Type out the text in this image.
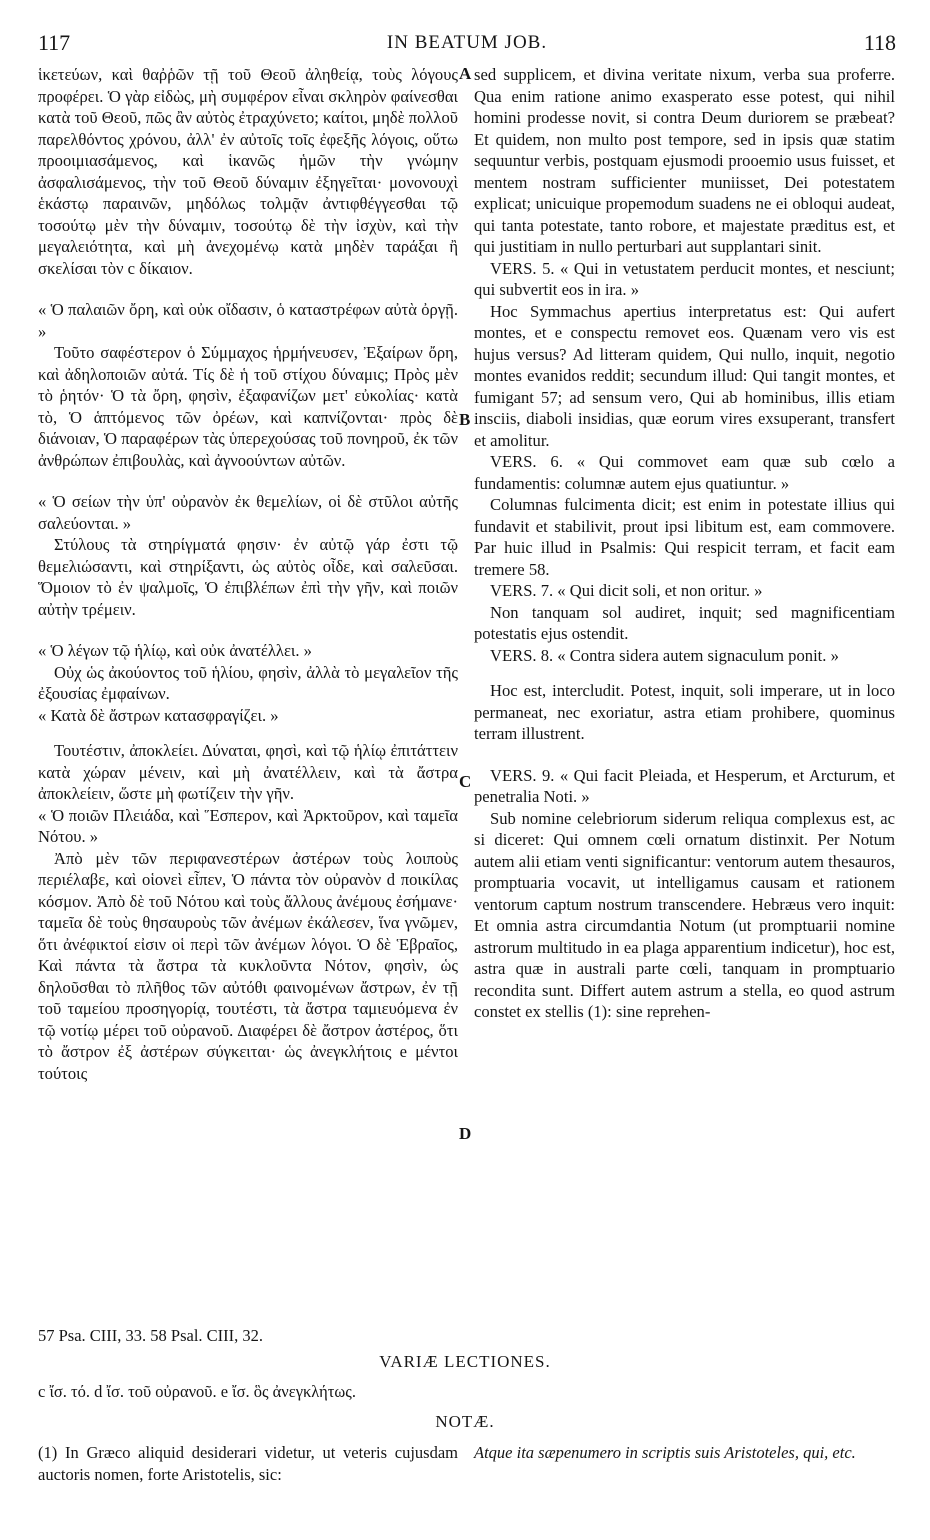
117	IN BEATUM JOB.	118

ἱκετεύων, καὶ θαῤῥῶν τῇ τοῦ Θεοῦ ἀληθείᾳ, τοὺς λόγους προφέρει. Ὁ γὰρ εἰδὼς, μὴ συμφέρον εἶναι σκληρὸν φαίνεσθαι κατὰ τοῦ Θεοῦ, πῶς ἂν αὐτὸς ἐτραχύνετο; καίτοι, μηδὲ πολλοῦ παρελθόντος χρόνου, ἀλλ' ἐν αὐτοῖς τοῖς ἐφεξῆς λόγοις, οὕτω προοιμιασάμενος, καὶ ἱκανῶς ἡμῶν τὴν γνώμην ἀσφαλισάμενος, τὴν τοῦ Θεοῦ δύναμιν ἐξηγεῖται· μονονουχὶ ἑκάστῳ παραινῶν, μηδόλως τολμᾷν ἀντιφθέγγεσθαι τῷ τοσούτῳ μὲν τὴν δύναμιν, τοσούτῳ δὲ τὴν ἰσχὺν, καὶ τὴν μεγαλειότητα, καὶ μὴ ἀνεχομένῳ κατὰ μηδὲν ταράξαι ἢ σκελίσαι τὸν c δίκαιον.

« Ὁ παλαιῶν ὄρη, καὶ οὐκ οἴδασιν, ὁ καταστρέφων αὐτὰ ὀργῇ. »

Τοῦτο σαφέστερον ὁ Σύμμαχος ἡρμήνευσεν, Ἐξαίρων ὄρη, καὶ ἀδηλοποιῶν αὐτά. Τίς δὲ ἡ τοῦ στίχου δύναμις; Πρὸς μὲν τὸ ῥητόν· Ὁ τὰ ὄρη, φησὶν, ἐξαφανίζων μετ' εὐκολίας· κατὰ τὸ, Ὁ ἁπτόμενος τῶν ὀρέων, καὶ καπνίζονται· πρὸς δὲ διάνοιαν, Ὁ παραφέρων τὰς ὑπερεχούσας τοῦ πονηροῦ, ἐκ τῶν ἀνθρώπων ἐπιβουλὰς, καὶ ἀγνοούντων αὐτῶν.

« Ὁ σείων τὴν ὑπ' οὐρανὸν ἐκ θεμελίων, οἱ δὲ στῦλοι αὐτῆς σαλεύονται. »

Στύλους τὰ στηρίγματά φησιν· ἐν αὐτῷ γάρ ἐστι τῷ θεμελιώσαντι, καὶ στηρίξαντι, ὡς αὐτὸς οἶδε, καὶ σαλεῦσαι. Ὅμοιον τὸ ἐν ψαλμοῖς, Ὁ ἐπιβλέπων ἐπὶ τὴν γῆν, καὶ ποιῶν αὐτὴν τρέμειν.

« Ὁ λέγων τῷ ἡλίῳ, καὶ οὐκ ἀνατέλλει. »

Οὐχ ὡς ἀκούοντος τοῦ ἡλίου, φησὶν, ἀλλὰ τὸ μεγαλεῖον τῆς ἐξουσίας ἐμφαίνων.

« Κατὰ δὲ ἄστρων κατασφραγίζει. »

Τουτέστιν, ἀποκλείει. Δύναται, φησὶ, καὶ τῷ ἡλίῳ ἐπιτάττειν κατὰ χώραν μένειν, καὶ μὴ ἀνατέλλειν, καὶ τὰ ἄστρα ἀποκλείειν, ὥστε μὴ φωτίζειν τὴν γῆν.

« Ὁ ποιῶν Πλειάδα, καὶ Ἕσπερον, καὶ Ἀρκτοῦρον, καὶ ταμεῖα Νότου. »

Ἀπὸ μὲν τῶν περιφανεστέρων ἀστέρων τοὺς λοιποὺς περιέλαβε, καὶ οἱονεὶ εἶπεν, Ὁ πάντα τὸν οὐρανὸν d ποικίλας κόσμον. Ἀπὸ δὲ τοῦ Νότου καὶ τοὺς ἄλλους ἀνέμους ἐσήμανε· ταμεῖα δὲ τοὺς θησαυροὺς τῶν ἀνέμων ἐκάλεσεν, ἵνα γνῶμεν, ὅτι ἀνέφικτοί εἰσιν οἱ περὶ τῶν ἀνέμων λόγοι. Ὁ δὲ Ἑβραῖος, Καὶ πάντα τὰ ἄστρα τὰ κυκλοῦντα Νότον, φησὶν, ὡς δηλοῦσθαι τὸ πλῆθος τῶν αὐτόθι φαινομένων ἄστρων, ἐν τῇ τοῦ ταμείου προσηγορίᾳ, τουτέστι, τὰ ἄστρα ταμιευόμενα ἐν τῷ νοτίῳ μέρει τοῦ οὐρανοῦ. Διαφέρει δὲ ἄστρον ἀστέρος, ὅτι τὸ ἄστρον ἐξ ἀστέρων σύγκειται· ὡς ἀνεγκλήτοις e μέντοι τούτοις

A
B
C
D

sed supplicem, et divina veritate nixum, verba sua proferre. Qua enim ratione animo exasperato esse potest, qui nihil homini prodesse novit, si contra Deum duriorem se præbeat? Et quidem, non multo post tempore, sed in ipsis quæ statim sequuntur verbis, postquam ejusmodi prooemio usus fuisset, et mentem nostram sufficienter muniisset, Dei potestatem explicat; unicuique propemodum suadens ne ei obloqui audeat, qui tanta potestate, tanto robore, et majestate præditus est, et qui justitiam in nullo perturbari aut supplantari sinit.

VERS. 5. « Qui in vetustatem perducit montes, et nesciunt; qui subvertit eos in ira. »

Hoc Symmachus apertius interpretatus est: Qui aufert montes, et e conspectu removet eos. Quænam vero vis est hujus versus? Ad litteram quidem, Qui nullo, inquit, negotio montes evanidos reddit; secundum illud: Qui tangit montes, et fumigant 57; ad sensum vero, Qui ab hominibus, illis etiam insciis, diaboli insidias, quæ eorum vires exsuperant, transfert et amolitur.

VERS. 6. « Qui commovet eam quæ sub cœlo a fundamentis: columnæ autem ejus quatiuntur. »

Columnas fulcimenta dicit; est enim in potestate illius qui fundavit et stabilivit, prout ipsi libitum est, eam commovere. Par huic illud in Psalmis: Qui respicit terram, et facit eam tremere 58.

VERS. 7. « Qui dicit soli, et non oritur. »

Non tanquam sol audiret, inquit; sed magnificentiam potestatis ejus ostendit.

VERS. 8. « Contra sidera autem signaculum ponit. »

Hoc est, intercludit. Potest, inquit, soli imperare, ut in loco permaneat, nec exoriatur, astra etiam prohibere, quominus terram illustrent.

VERS. 9. « Qui facit Pleiada, et Hesperum, et Arcturum, et penetralia Noti. »

Sub nomine celebriorum siderum reliqua complexus est, ac si diceret: Qui omnem cœli ornatum distinxit. Per Notum autem alii etiam venti significantur: ventorum autem thesauros, promptuaria vocavit, ut intelligamus causam et rationem ventorum captum nostrum transcendere. Hebræus vero inquit: Et omnia astra circumdantia Notum (ut promptuarii nomine astrorum multitudo in ea plaga apparentium indicetur), hoc est, astra quæ in australi parte cœli, tanquam in promptuario recondita sunt. Differt autem astrum a stella, eo quod astrum constet ex stellis (1): sine reprehen-

57 Psa. CIII, 33. 58 Psal. CIII, 32.
VARIÆ LECTIONES.
c ἴσ. τό. d ἴσ. τοῦ οὐρανοῦ. e ἴσ. ὃς ἀνεγκλήτως.
NOTÆ.
(1) In Græco aliquid desiderari videtur, ut veteris cujusdam auctoris nomen, forte Aristotelis, sic:
Atque ita sæpenumero in scriptis suis Aristoteles, qui, etc.
